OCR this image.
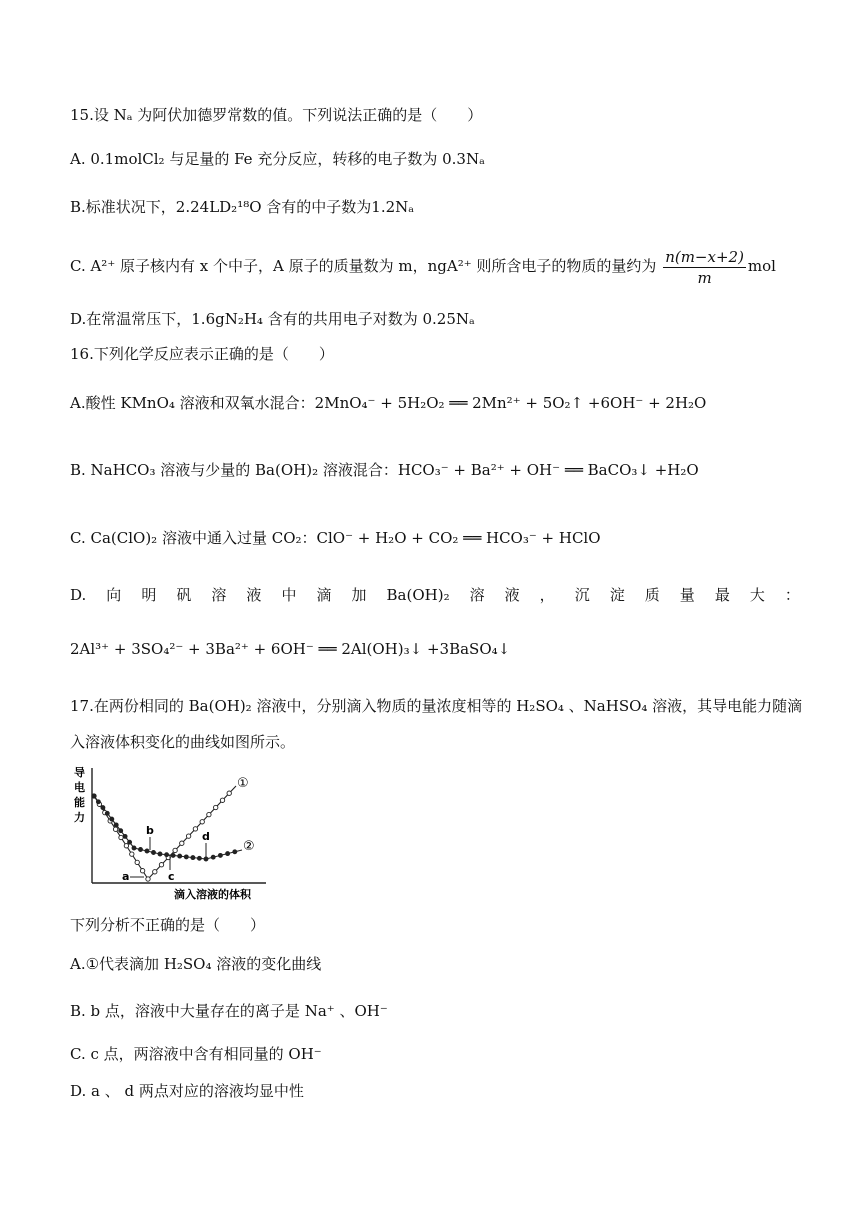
15.设 Nₐ 为阿伏加德罗常数的值。下列说法正确的是（　　）
A. 0.1molCl₂ 与足量的 Fe 充分反应，转移的电子数为 0.3Nₐ
B.标准状况下，2.24LD₂¹⁸O 含有的中子数为1.2Nₐ
C. A²⁺ 原子核内有 x 个中子，A 原子的质量数为 m，ngA²⁺ 则所含电子的物质的量约为 $\frac{n(m-x+2)}{m}$ mol
D.在常温常压下，1.6gN₂H₄ 含有的共用电子对数为 0.25Nₐ
16.下列化学反应表示正确的是（　　）
A.酸性 KMnO₄ 溶液和双氧水混合：2MnO₄⁻ + 5H₂O₂ ══ 2Mn²⁺ + 5O₂↑ +6OH⁻ + 2H₂O
B. NaHCO₃ 溶液与少量的 Ba(OH)₂ 溶液混合：HCO₃⁻ + Ba²⁺ + OH⁻ ══ BaCO₃↓ +H₂O
C. Ca(ClO)₂ 溶液中通入过量 CO₂：ClO⁻ + H₂O + CO₂ ══ HCO₃⁻ + HClO
D. 向 明 矾 溶 液 中 滴 加 Ba(OH)₂ 溶 液 ， 沉 淀 质 量 最 大 ：
2Al³⁺ + 3SO₄²⁻ + 3Ba²⁺ + 6OH⁻ ══ 2Al(OH)₃↓ +3BaSO₄↓
17.在两份相同的 Ba(OH)₂ 溶液中，分别滴入物质的量浓度相等的 H₂SO₄ 、NaHSO₄ 溶液，其导电能力随滴
入溶液体积变化的曲线如图所示。
导
电
能
力
滴入溶液的体积
①
②
b	d
a	c
下列分析不正确的是（　　）
A.①代表滴加 H₂SO₄ 溶液的变化曲线
B. b 点，溶液中大量存在的离子是 Na⁺ 、OH⁻
C. c 点，两溶液中含有相同量的 OH⁻
D. a 、 d 两点对应的溶液均显中性
